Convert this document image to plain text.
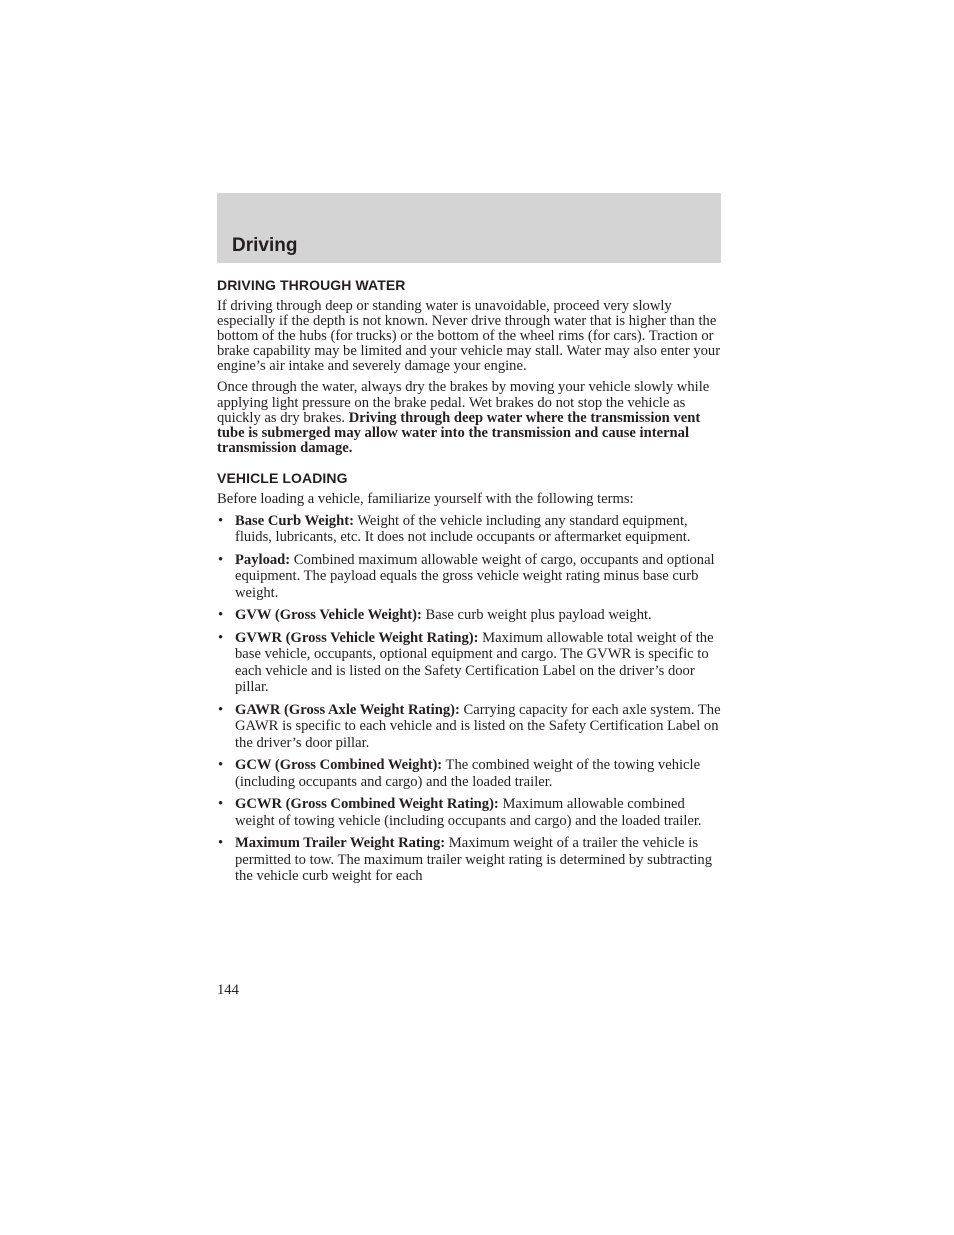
Driving
DRIVING THROUGH WATER

If driving through deep or standing water is unavoidable, proceed very slowly especially if the depth is not known. Never drive through water that is higher than the bottom of the hubs (for trucks) or the bottom of the wheel rims (for cars). Traction or brake capability may be limited and your vehicle may stall. Water may also enter your engine’s air intake and severely damage your engine.

Once through the water, always dry the brakes by moving your vehicle slowly while applying light pressure on the brake pedal. Wet brakes do not stop the vehicle as quickly as dry brakes. Driving through deep water where the transmission vent tube is submerged may allow water into the transmission and cause internal transmission damage.

VEHICLE LOADING

Before loading a vehicle, familiarize yourself with the following terms:

• Base Curb Weight: Weight of the vehicle including any standard equipment, fluids, lubricants, etc. It does not include occupants or aftermarket equipment.
• Payload: Combined maximum allowable weight of cargo, occupants and optional equipment. The payload equals the gross vehicle weight rating minus base curb weight.
• GVW (Gross Vehicle Weight): Base curb weight plus payload weight.
• GVWR (Gross Vehicle Weight Rating): Maximum allowable total weight of the base vehicle, occupants, optional equipment and cargo. The GVWR is specific to each vehicle and is listed on the Safety Certification Label on the driver’s door pillar.
• GAWR (Gross Axle Weight Rating): Carrying capacity for each axle system. The GAWR is specific to each vehicle and is listed on the Safety Certification Label on the driver’s door pillar.
• GCW (Gross Combined Weight): The combined weight of the towing vehicle (including occupants and cargo) and the loaded trailer.
• GCWR (Gross Combined Weight Rating): Maximum allowable combined weight of towing vehicle (including occupants and cargo) and the loaded trailer.
• Maximum Trailer Weight Rating: Maximum weight of a trailer the vehicle is permitted to tow. The maximum trailer weight rating is determined by subtracting the vehicle curb weight for each

144
